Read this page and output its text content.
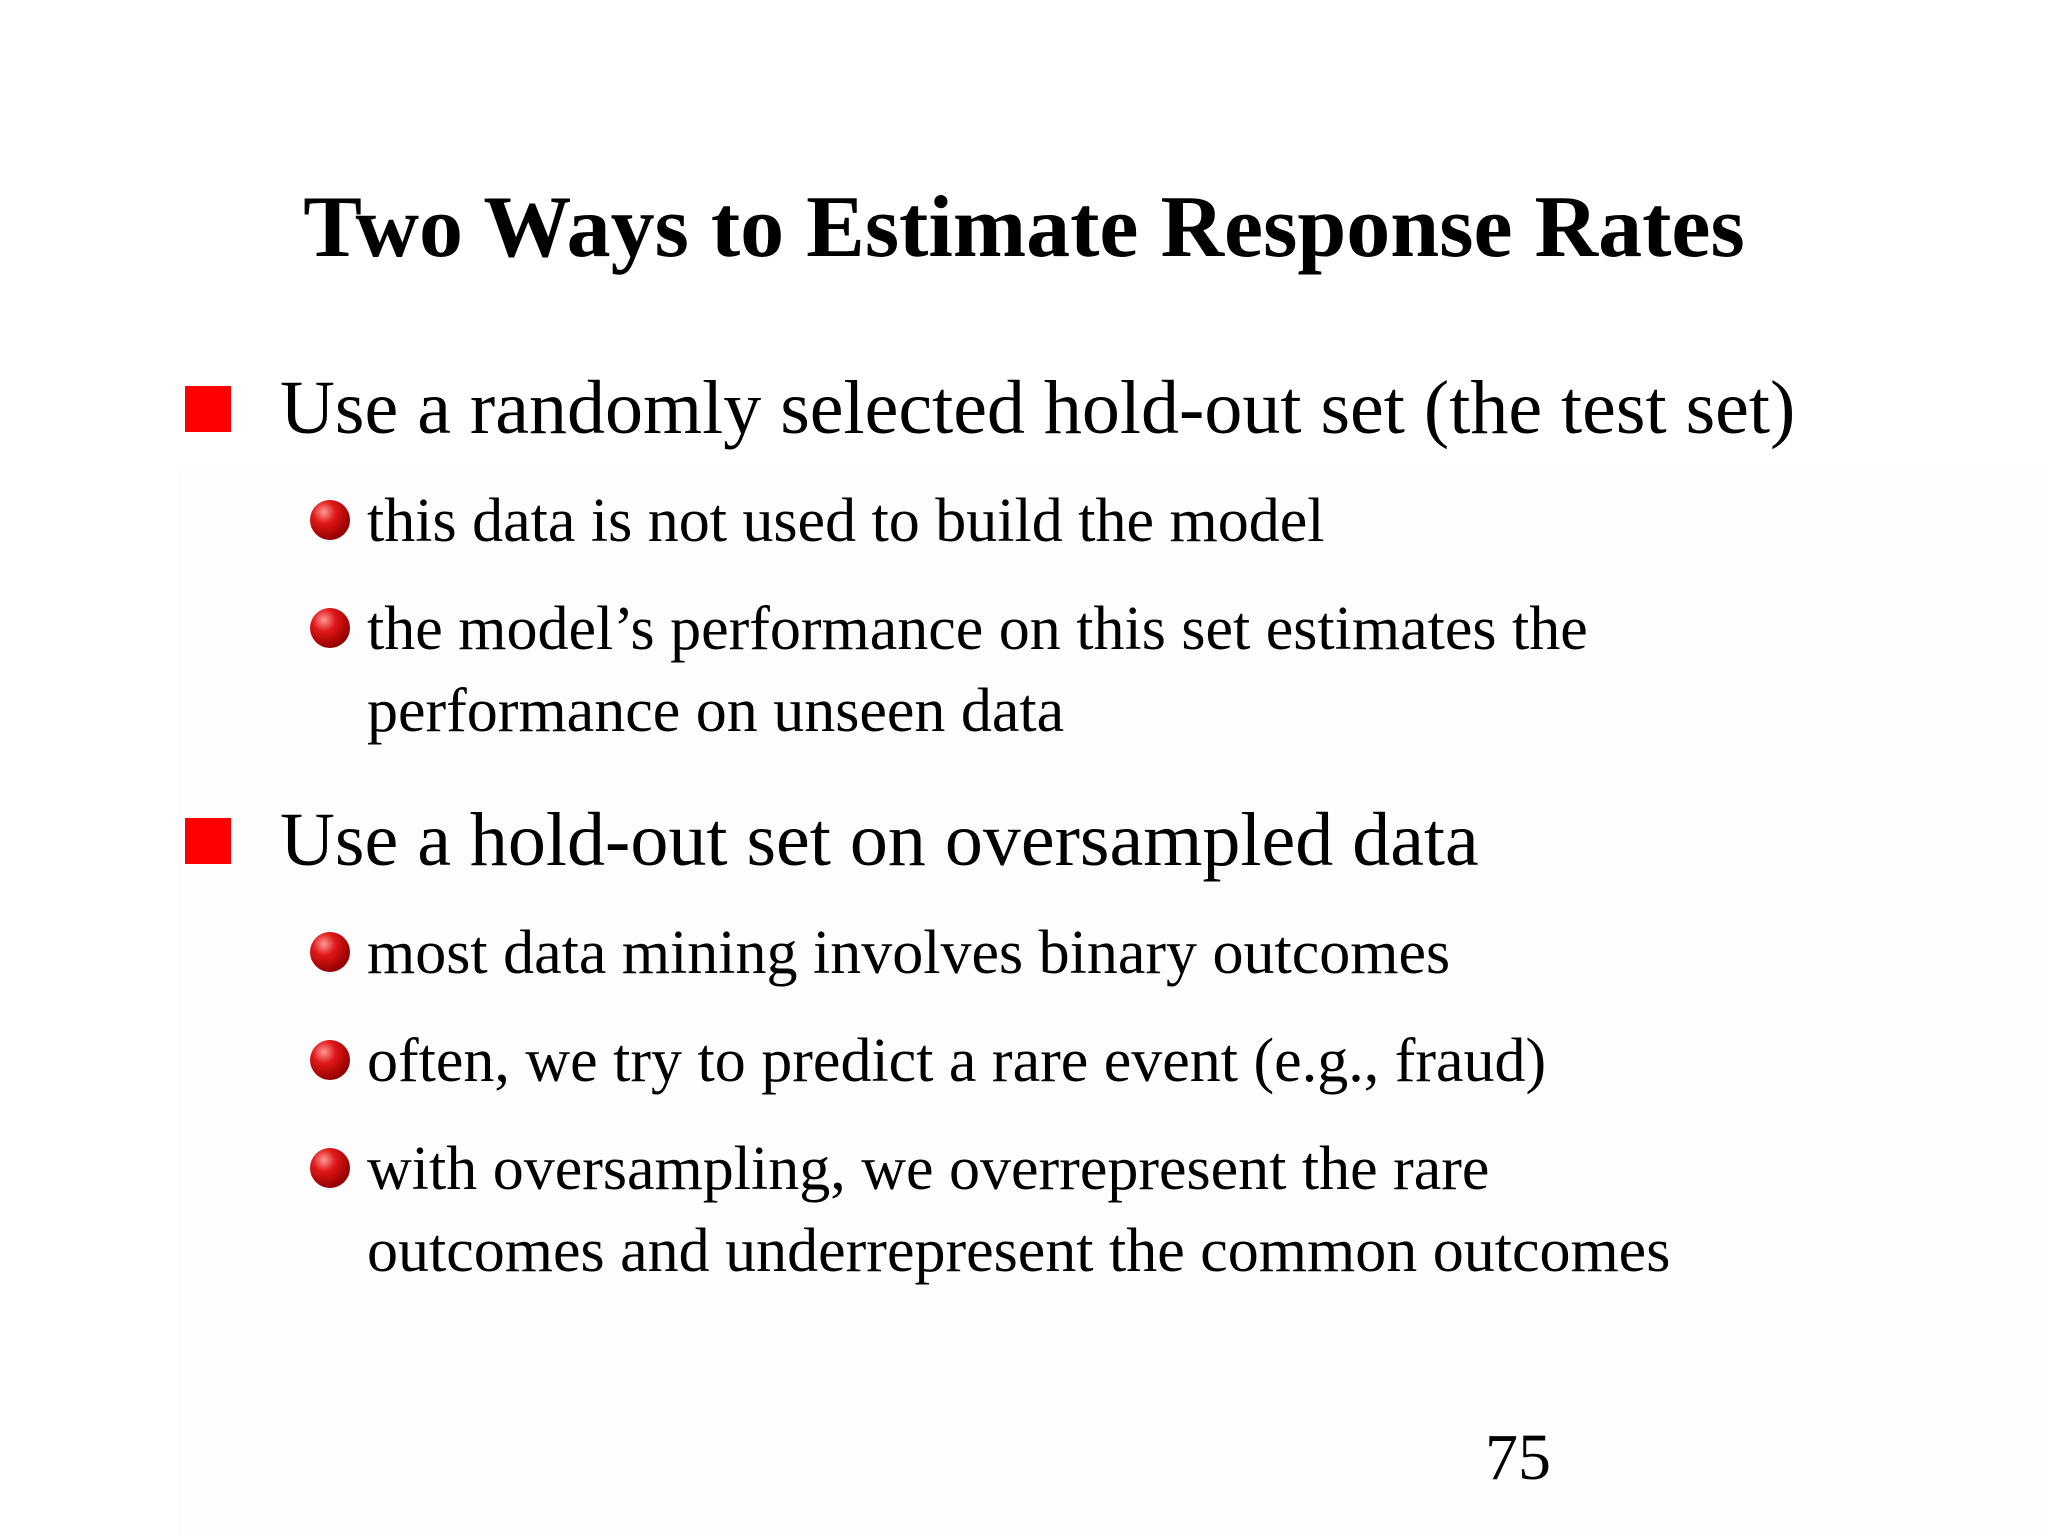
Two Ways to Estimate Response Rates
Use a randomly selected hold-out set (the test set)
this data is not used to build the model
the model’s performance on this set estimates the
performance on unseen data
Use a hold-out set on oversampled data
most data mining involves binary outcomes
often, we try to predict a rare event (e.g., fraud)
with oversampling, we overrepresent the rare
outcomes and underrepresent the common outcomes
75
